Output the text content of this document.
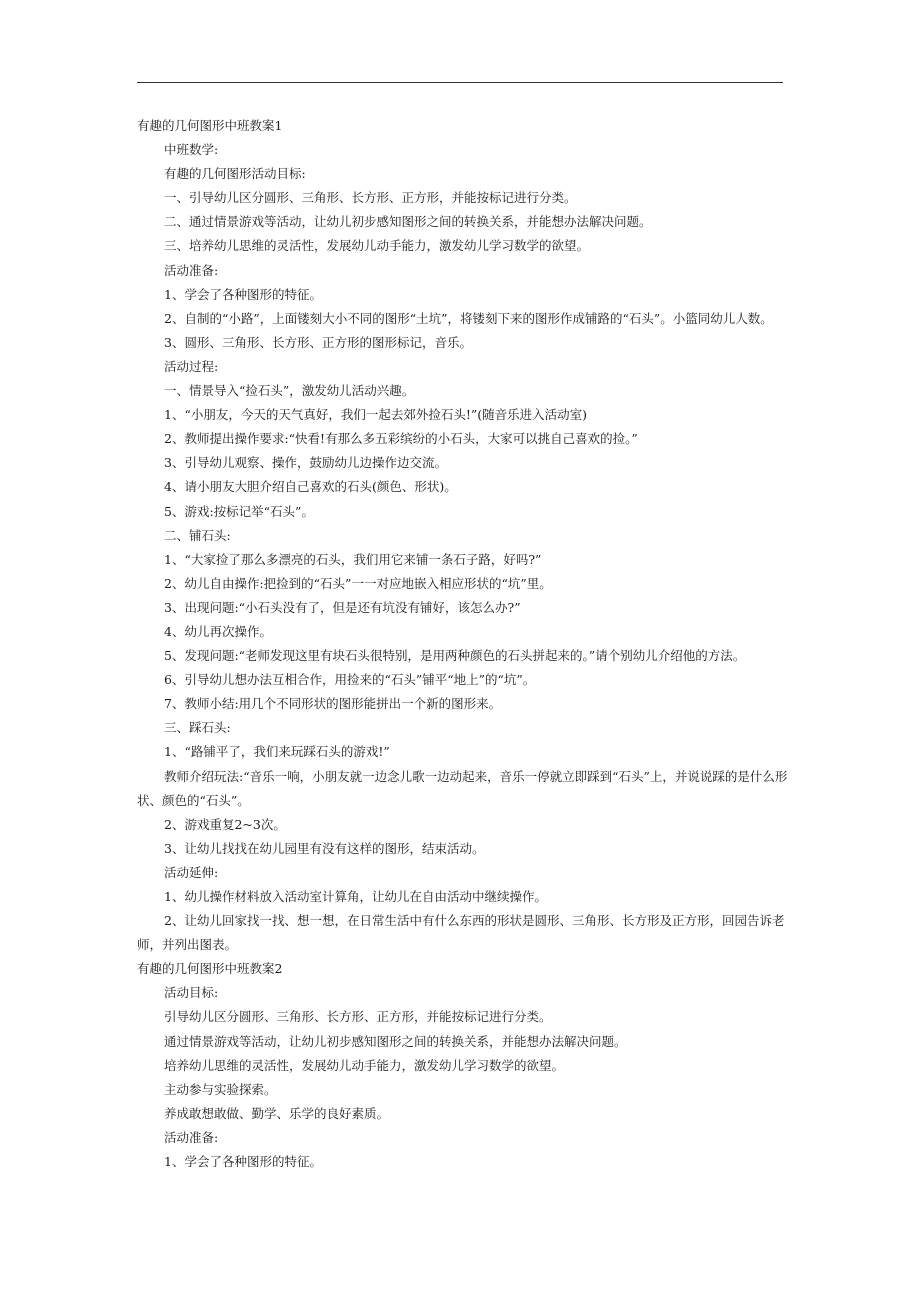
有趣的几何图形中班教案1
中班数学:
有趣的几何图形活动目标:
一、引导幼儿区分圆形、三角形、长方形、正方形，并能按标记进行分类。
二、通过情景游戏等活动，让幼儿初步感知图形之间的转换关系，并能想办法解决问题。
三、培养幼儿思维的灵活性，发展幼儿动手能力，激发幼儿学习数学的欲望。
活动准备:
1、学会了各种图形的特征。
2、自制的“小路”，上面镂刻大小不同的图形“土坑”，将镂刻下来的图形作成铺路的“石头”。小篮同幼儿人数。
3、圆形、三角形、长方形、正方形的图形标记，音乐。
活动过程:
一、情景导入“捡石头”，激发幼儿活动兴趣。
1、“小朋友，今天的天气真好，我们一起去郊外捡石头!”(随音乐进入活动室)
2、教师提出操作要求:“快看!有那么多五彩缤纷的小石头，大家可以挑自己喜欢的捡。”
3、引导幼儿观察、操作，鼓励幼儿边操作边交流。
4、请小朋友大胆介绍自己喜欢的石头(颜色、形状)。
5、游戏:按标记举“石头”。
二、铺石头:
1、“大家捡了那么多漂亮的石头，我们用它来铺一条石子路，好吗?”
2、幼儿自由操作:把捡到的“石头”一一对应地嵌入相应形状的“坑”里。
3、出现问题:“小石头没有了，但是还有坑没有铺好，该怎么办?”
4、幼儿再次操作。
5、发现问题:“老师发现这里有块石头很特别，是用两种颜色的石头拼起来的。”请个别幼儿介绍他的方法。
6、引导幼儿想办法互相合作，用捡来的“石头”铺平“地上”的“坑”。
7、教师小结:用几个不同形状的图形能拼出一个新的图形来。
三、踩石头:
1、“路铺平了，我们来玩踩石头的游戏!”
教师介绍玩法:“音乐一响，小朋友就一边念儿歌一边动起来，音乐一停就立即踩到“石头”上，并说说踩的是什么形状、颜色的“石头”。
2、游戏重复2~3次。
3、让幼儿找找在幼儿园里有没有这样的图形，结束活动。
活动延伸:
1、幼儿操作材料放入活动室计算角，让幼儿在自由活动中继续操作。
2、让幼儿回家找一找、想一想，在日常生活中有什么东西的形状是圆形、三角形、长方形及正方形，回园告诉老师，并列出图表。
有趣的几何图形中班教案2
活动目标:
引导幼儿区分圆形、三角形、长方形、正方形，并能按标记进行分类。
通过情景游戏等活动，让幼儿初步感知图形之间的转换关系，并能想办法解决问题。
培养幼儿思维的灵活性，发展幼儿动手能力，激发幼儿学习数学的欲望。
主动参与实验探索。
养成敢想敢做、勤学、乐学的良好素质。
活动准备:
1、学会了各种图形的特征。
